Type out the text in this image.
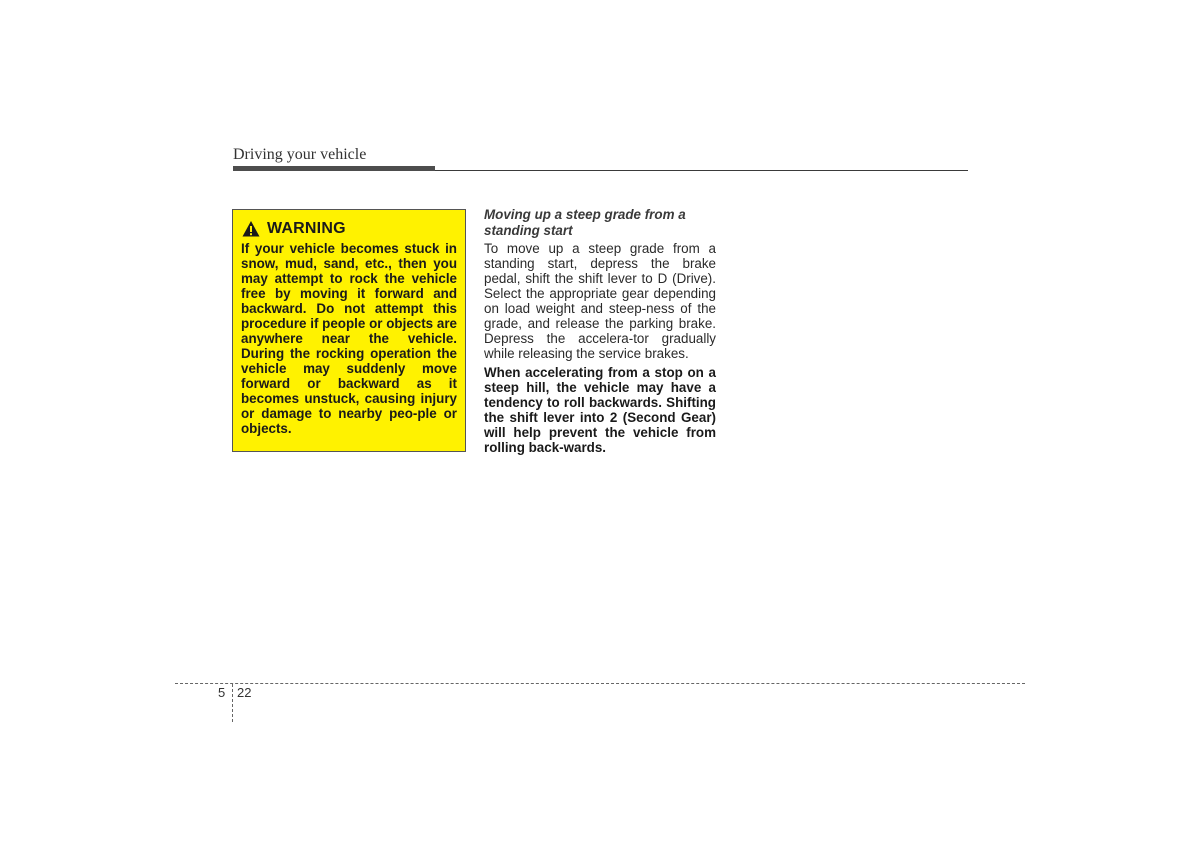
Driving your vehicle
WARNING

If your vehicle becomes stuck in snow, mud, sand, etc., then you may attempt to rock the vehicle free by moving it forward and backward. Do not attempt this procedure if people or objects are anywhere near the vehicle. During the rocking operation the vehicle may suddenly move forward or backward as it becomes unstuck, causing injury or damage to nearby peo-ple or objects.

Moving up a steep grade from a standing start

To move up a steep grade from a standing start, depress the brake pedal, shift the shift lever to D (Drive). Select the appropriate gear depending on load weight and steep-ness of the grade, and release the parking brake. Depress the accelera-tor gradually while releasing the service brakes.

When accelerating from a stop on a steep hill, the vehicle may have a tendency to roll backwards. Shifting the shift lever into 2 (Second Gear) will help prevent the vehicle from rolling back-wards.

5 22
